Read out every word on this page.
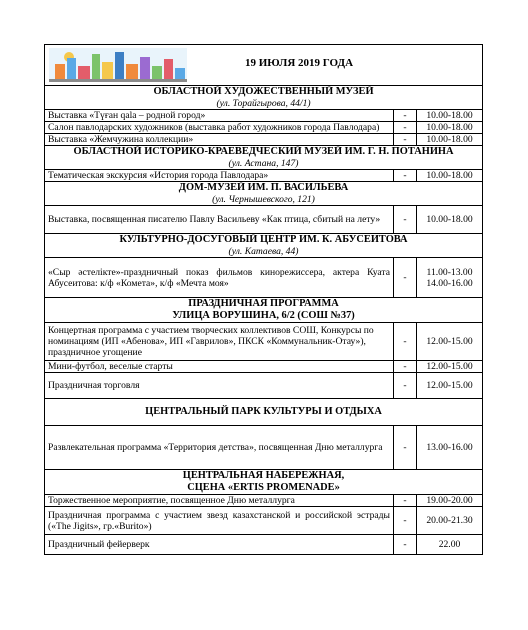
19 ИЮЛЯ 2019 ГОДА		

ОБЛАСТНОЙ ХУДОЖЕСТВЕННЫЙ МУЗЕЙ
(ул. Торайгырова, 44/1)		

Выставка «Түған qala – родной город»	-	10.00-18.00
Салон павлодарских художников (выставка работ художников города Павлодара)	-	10.00-18.00
Выставка «Жемчужина коллекции»	-	10.00-18.00

ОБЛАСТНОЙ ИСТОРИКО-КРАЕВЕДЧЕСКИЙ МУЗЕЙ ИМ. Г. Н. ПОТАНИНА
(ул. Астана, 147)		

Тематическая экскурсия «История города Павлодара»	-	10.00-18.00

ДОМ-МУЗЕЙ ИМ. П. ВАСИЛЬЕВА
(ул. Чернышевского, 121)		

Выставка, посвященная писателю Павлу Васильеву «Как птица, сбитый на лету»	-	10.00-18.00

КУЛЬТУРНО-ДОСУГОВЫЙ ЦЕНТР ИМ. К. АБУСЕИТОВА
(ул. Катаева, 44)		

«Сыр әстелікте»-праздничный показ фильмов кинорежиссера, актера Куата Абусеитова: к/ф «Комета», к/ф «Мечта моя»	-	11.00-13.00
14.00-16.00

ПРАЗДНИЧНАЯ ПРОГРАММА
УЛИЦА ВОРУШИНА, 6/2 (СОШ №37)		

Концертная программа с участием творческих коллективов СОШ, Конкурсы по номинациям (ИП «Абенова», ИП «Гаврилов», ПКСК «Коммунальник-Отау»), праздничное угощение	-	12.00-15.00
Мини-футбол, веселые старты	-	12.00-15.00
Праздничная торговля	-	12.00-15.00

ЦЕНТРАЛЬНЫЙ ПАРК КУЛЬТУРЫ И ОТДЫХА		

Развлекательная программа «Территория детства», посвященная Дню металлурга	-	13.00-16.00

ЦЕНТРАЛЬНАЯ НАБЕРЕЖНАЯ,
СЦЕНА «ERTIS PROMENADE»		

Торжественное мероприятие, посвященное Дню металлурга	-	19.00-20.00
Праздничная программа с участием звезд казахстанской и российской эстрады («The Jigits», гр.«Burito»)	-	20.00-21.30
Праздничный фейерверк	-	22.00
